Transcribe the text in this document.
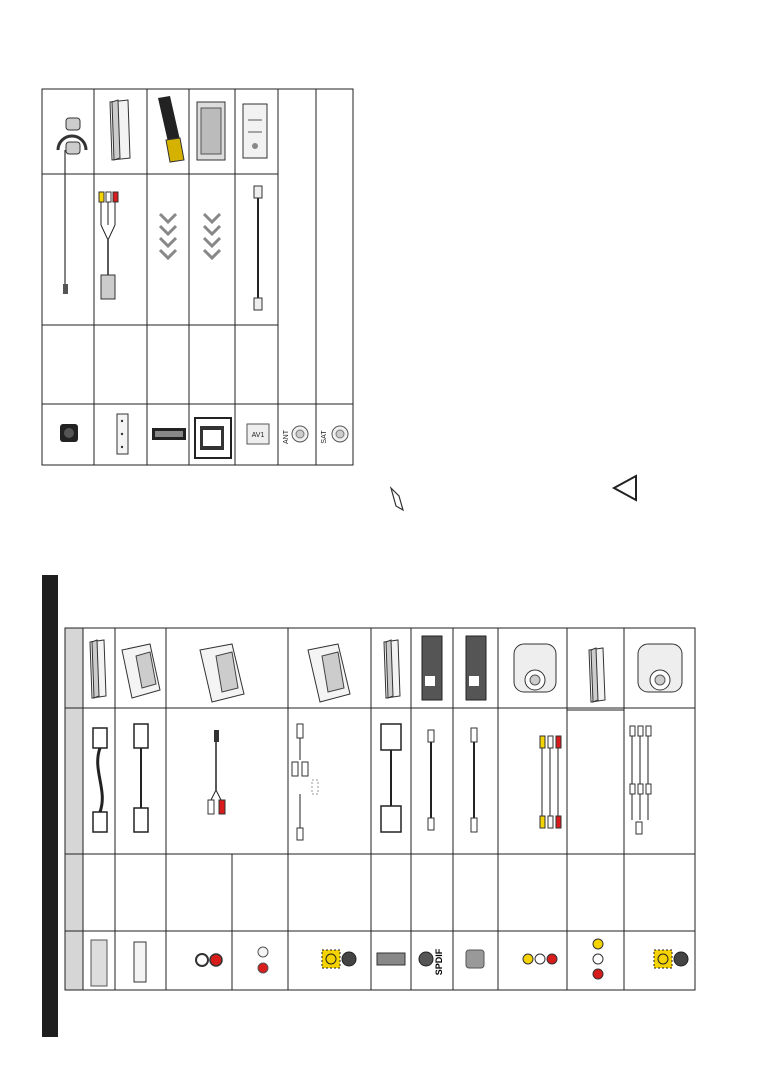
AV1	ANT	SAT
SPDIF
